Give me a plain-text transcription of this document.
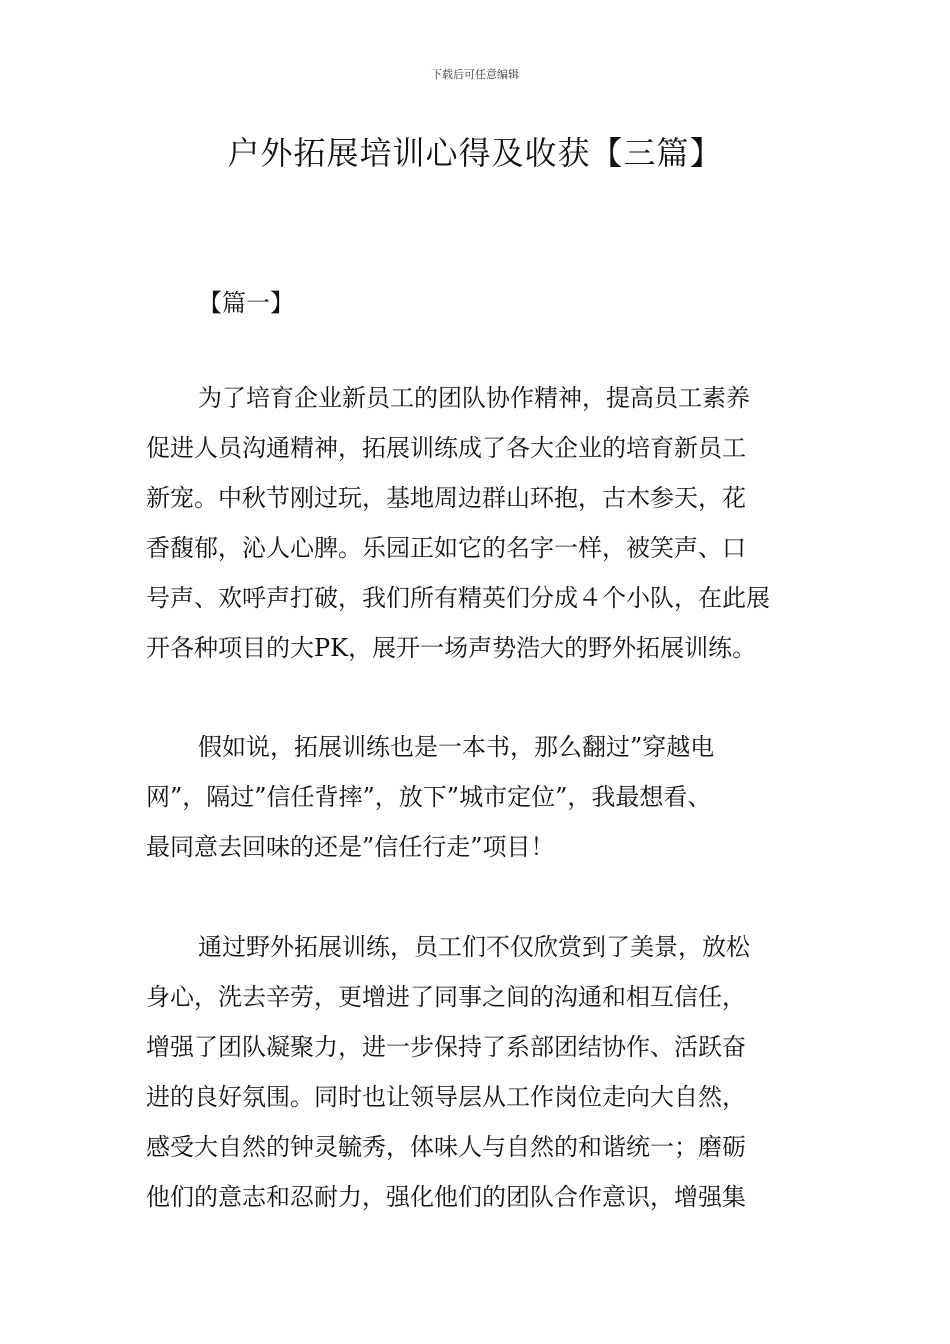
下载后可任意编辑
户外拓展培训心得及收获【三篇】
【篇一】
为了培育企业新员工的团队协作精神，提高员工素养
促进人员沟通精神，拓展训练成了各大企业的培育新员工
新宠。中秋节刚过玩，基地周边群山环抱，古木参天，花
香馥郁，沁人心脾。乐园正如它的名字一样，被笑声、口
号声、欢呼声打破，我们所有精英们分成４个小队，在此展
开各种项目的大PK，展开一场声势浩大的野外拓展训练。
假如说，拓展训练也是一本书，那么翻过”穿越电
网”，隔过”信任背摔”，放下”城市定位”，我最想看、
最同意去回味的还是”信任行走”项目！
通过野外拓展训练，员工们不仅欣赏到了美景，放松
身心，洗去辛劳，更增进了同事之间的沟通和相互信任，
增强了团队凝聚力，进一步保持了系部团结协作、活跃奋
进的良好氛围。同时也让领导层从工作岗位走向大自然，
感受大自然的钟灵毓秀，体味人与自然的和谐统一；磨砺
他们的意志和忍耐力，强化他们的团队合作意识，增强集
